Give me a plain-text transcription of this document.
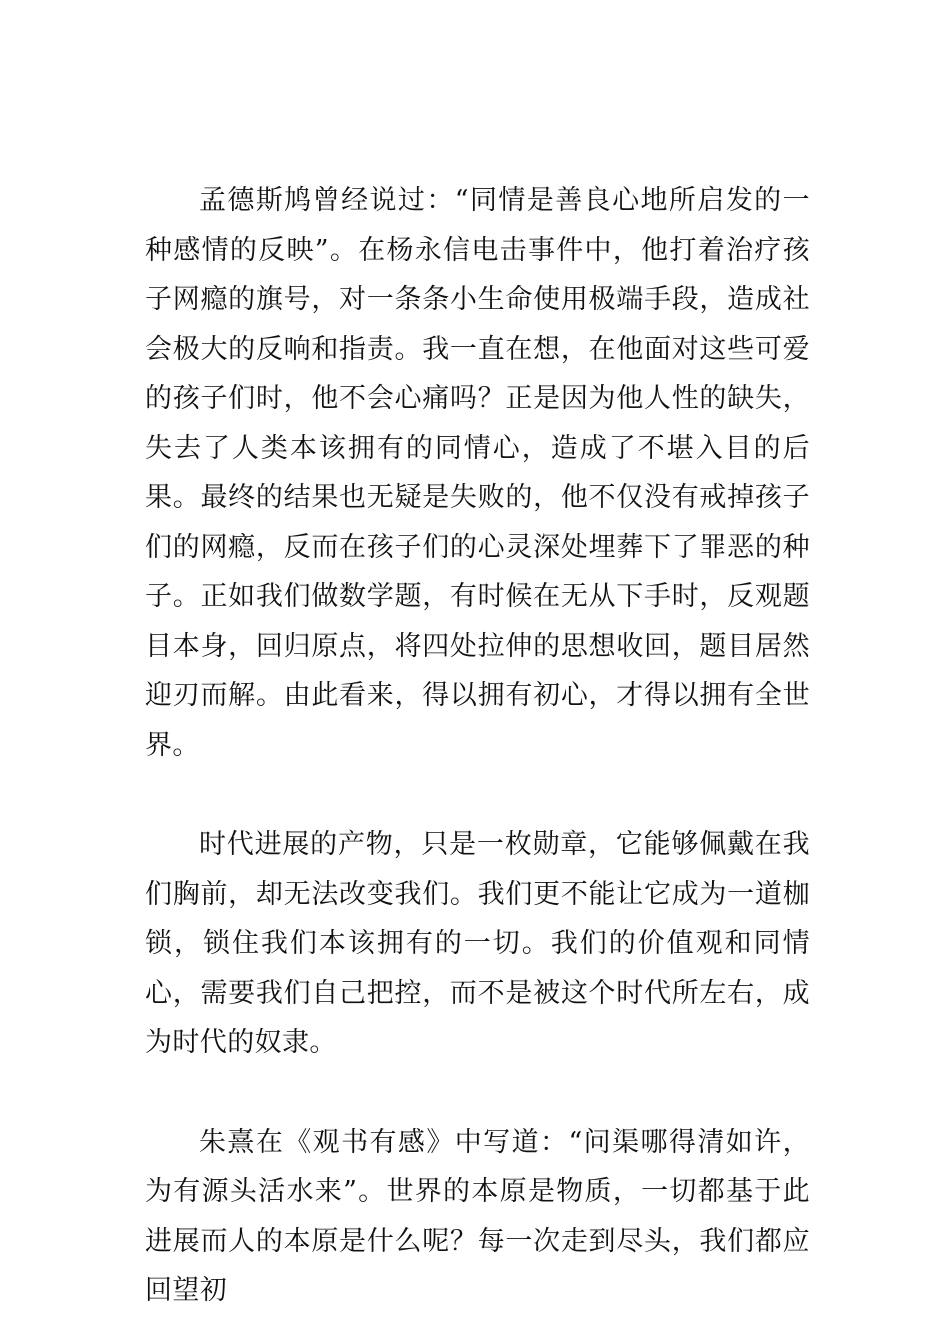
孟德斯鸠曾经说过：“同情是善良心地所启发的一种感情的反映”。在杨永信电击事件中，他打着治疗孩子网瘾的旗号，对一条条小生命使用极端手段，造成社会极大的反响和指责。我一直在想，在他面对这些可爱的孩子们时，他不会心痛吗？正是因为他人性的缺失，失去了人类本该拥有的同情心，造成了不堪入目的后果。最终的结果也无疑是失败的，他不仅没有戒掉孩子们的网瘾，反而在孩子们的心灵深处埋葬下了罪恶的种子。正如我们做数学题，有时候在无从下手时，反观题目本身，回归原点，将四处拉伸的思想收回，题目居然迎刃而解。由此看来，得以拥有初心，才得以拥有全世界。

时代进展的产物，只是一枚勋章，它能够佩戴在我们胸前，却无法改变我们。我们更不能让它成为一道枷锁，锁住我们本该拥有的一切。我们的价值观和同情心，需要我们自己把控，而不是被这个时代所左右，成为时代的奴隶。

朱熹在《观书有感》中写道：“问渠哪得清如许，为有源头活水来”。世界的本原是物质，一切都基于此进展而人的本原是什么呢？每一次走到尽头，我们都应回望初
